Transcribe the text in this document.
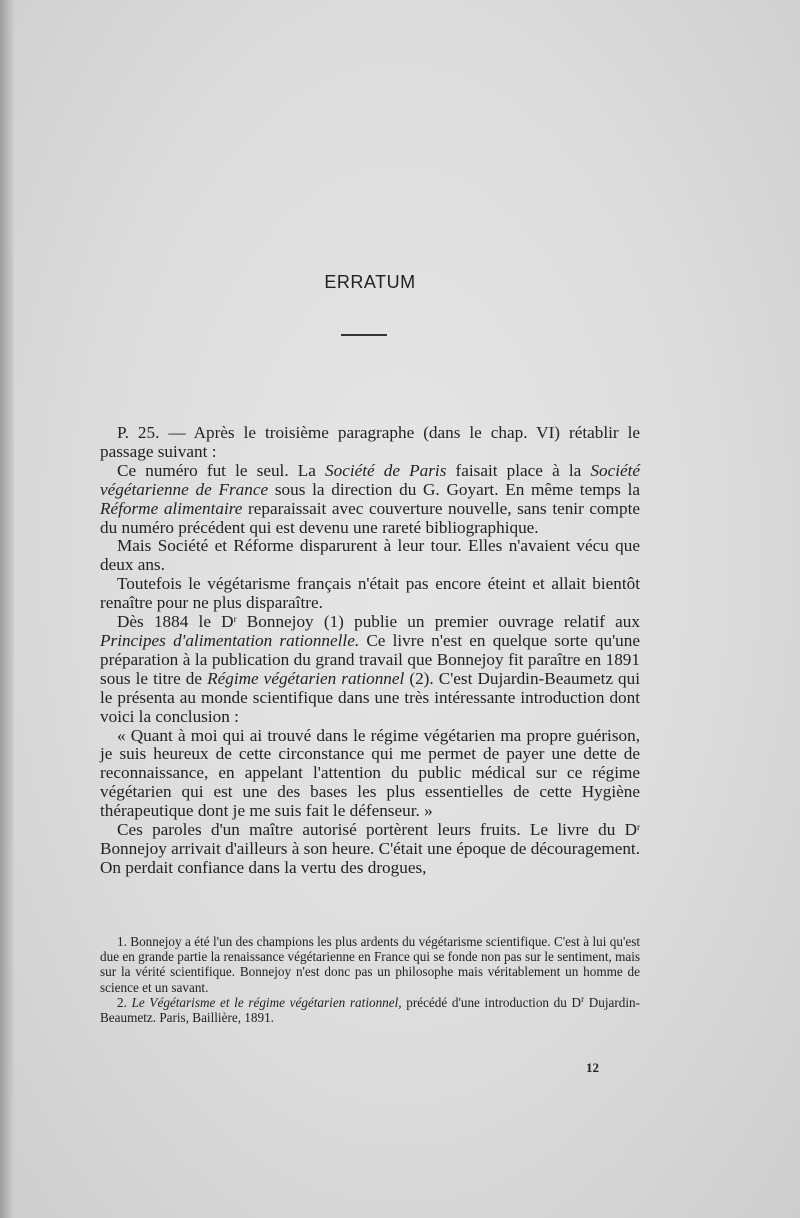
ERRATUM

P. 25. — Après le troisième paragraphe (dans le chap. VI) rétablir le passage suivant :

Ce numéro fut le seul. La Société de Paris faisait place à la Société végétarienne de France sous la direction du G. Goyart. En même temps la Réforme alimentaire reparaissait avec couverture nouvelle, sans tenir compte du numéro précédent qui est devenu une rareté bibliographique.

Mais Société et Réforme disparurent à leur tour. Elles n'avaient vécu que deux ans.

Toutefois le végétarisme français n'était pas encore éteint et allait bientôt renaître pour ne plus disparaître.

Dès 1884 le $D^r$ Bonnejoy (1) publie un premier ouvrage relatif aux Principes d'alimentation rationnelle. Ce livre n'est en quelque sorte qu'une préparation à la publication du grand travail que Bonnejoy fit paraître en 1891 sous le titre de Régime végétarien rationnel (2). C'est Dujardin-Beaumetz qui le présenta au monde scientifique dans une très intéressante introduction dont voici la conclusion :

« Quant à moi qui ai trouvé dans le régime végétarien ma propre guérison, je suis heureux de cette circonstance qui me permet de payer une dette de reconnaissance, en appelant l'attention du public médical sur ce régime végétarien qui est une des bases les plus essentielles de cette Hygiène thérapeutique dont je me suis fait le défenseur. »

Ces paroles d'un maître autorisé portèrent leurs fruits. Le livre du $D^r$ Bonnejoy arrivait d'ailleurs à son heure. C'était une époque de découragement. On perdait confiance dans la vertu des drogues,

1. Bonnejoy a été l'un des champions les plus ardents du végétarisme scientifique. C'est à lui qu'est due en grande partie la renaissance végétarienne en France qui se fonde non pas sur le sentiment, mais sur la vérité scientifique. Bonnejoy n'est donc pas un philosophe mais véritablement un homme de science et un savant.

2. Le Végétarisme et le régime végétarien rationnel, précédé d'une introduction du $D^r$ Dujardin-Beaumetz. Paris, Baillière, 1891.

12
